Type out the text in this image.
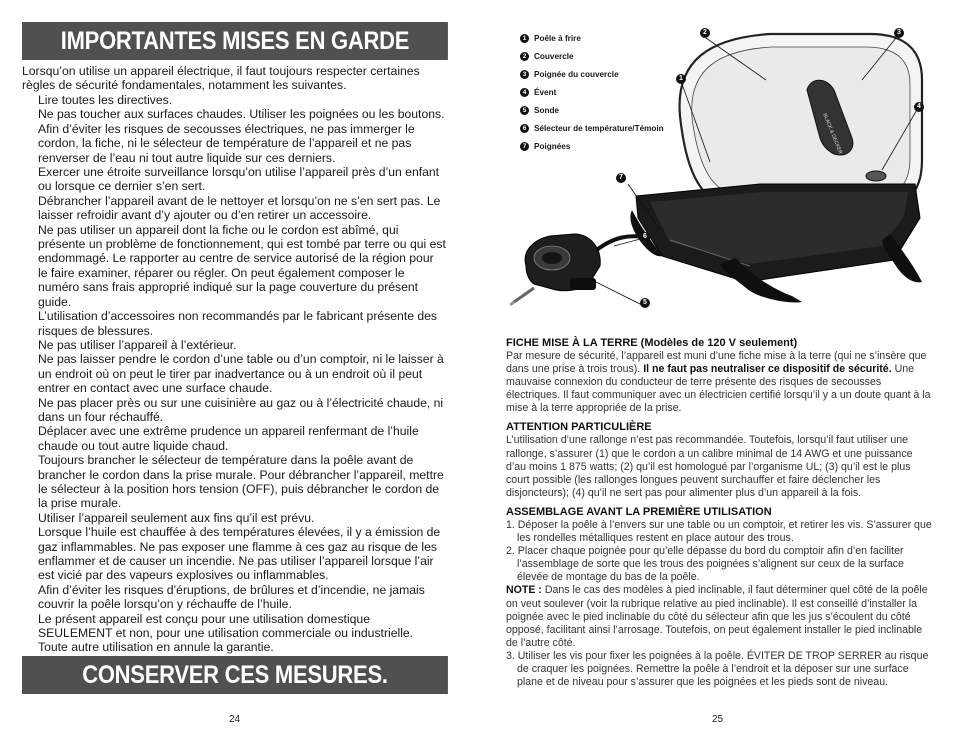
IMPORTANTES MISES EN GARDE

Lorsqu’on utilise un appareil électrique, il faut toujours respecter certaines règles de sécurité fondamentales, notamment les suivantes.

Lire toutes les directives.
Ne pas toucher aux surfaces chaudes. Utiliser les poignées ou les boutons.
Afin d’éviter les risques de secousses électriques, ne pas immerger le cordon, la fiche, ni le sélecteur de température de l’appareil et ne pas renverser de l’eau ni tout autre liquide sur ces derniers.
Exercer une étroite surveillance lorsqu’on utilise l’appareil près d’un enfant ou lorsque ce dernier s’en sert.
Débrancher l’appareil avant de le nettoyer et lorsqu’on ne s’en sert pas. Le laisser refroidir avant d’y ajouter ou d’en retirer un accessoire.
Ne pas utiliser un appareil dont la fiche ou le cordon est abîmé, qui présente un problème de fonctionnement, qui est tombé par terre ou qui est endommagé. Le rapporter au centre de service autorisé de la région pour le faire examiner, réparer ou régler. On peut également composer le numéro sans frais approprié indiqué sur la page couverture du présent guide.
L’utilisation d’accessoires non recommandés par le fabricant présente des risques de blessures.
Ne pas utiliser l’appareil à l’extérieur.
Ne pas laisser pendre le cordon d’une table ou d’un comptoir, ni le laisser à un endroit où on peut le tirer par inadvertance ou à un endroit où il peut entrer en contact avec une surface chaude.
Ne pas placer près ou sur une cuisinière au gaz ou à l’électricité chaude, ni dans un four réchauffé.
Déplacer avec une extrême prudence un appareil renfermant de l’huile chaude ou tout autre liquide chaud.
Toujours brancher le sélecteur de température dans la poêle avant de brancher le cordon dans la prise murale. Pour débrancher l’appareil, mettre le sélecteur à la position hors tension (OFF), puis débrancher le cordon de la prise murale.
Utiliser l’appareil seulement aux fins qu’il est prévu.
Lorsque l’huile est chauffée à des températures élevées, il y a émission de gaz inflammables. Ne pas exposer une flamme à ces gaz au risque de les enflammer et de causer un incendie. Ne pas utiliser l’appareil lorsque l’air est vicié par des vapeurs explosives ou inflammables.
Afin d’éviter les risques d’éruptions, de brûlures et d’incendie, ne jamais couvrir la poêle lorsqu’on y réchauffe de l’huile.
Le présent appareil est conçu pour une utilisation domestique SEULEMENT et non, pour une utilisation commerciale ou industrielle. Toute autre utilisation en annule la garantie.
CONSERVER CES MESURES.
24
1 Poêle à frire
2 Couvercle
3 Poignée du couvercle
4 Évent
5 Sonde
6 Sélecteur de température/Témoin
7 Poignées	BLACK & DECKER
1
2	3
4
5
6
7
FICHE MISE À LA TERRE (Modèles de 120 V seulement)

Par mesure de sécurité, l’appareil est muni d’une fiche mise à la terre (qui ne s’insère que dans une prise à trois trous). Il ne faut pas neutraliser ce dispositif de sécurité. Une mauvaise connexion du conducteur de terre présente des risques de secousses électriques. Il faut communiquer avec un électricien certifié lorsqu’il y a un doute quant à la mise à la terre appropriée de la prise.

ATTENTION PARTICULIÈRE

L’utilisation d’une rallonge n’est pas recommandée. Toutefois, lorsqu’il faut utiliser une rallonge, s’assurer (1) que le cordon a un calibre minimal de 14 AWG et une puissance d’au moins 1 875 watts; (2) qu’il est homologué par l’organisme UL; (3) qu’il est le plus court possible (les rallonges longues peuvent surchauffer et faire déclencher les disjoncteurs); (4) qu’il ne sert pas pour alimenter plus d’un appareil à la fois.

ASSEMBLAGE AVANT LA PREMIÈRE UTILISATION
1. Déposer la poêle à l’envers sur une table ou un comptoir, et retirer les vis. S’assurer que les rondelles métalliques restent en place autour des trous.
2. Placer chaque poignée pour qu’elle dépasse du bord du comptoir afin d’en faciliter l’assemblage de sorte que les trous des poignées s’alignent sur ceux de la surface élevée de montage du bas de la poêle.

NOTE : Dans le cas des modèles à pied inclinable, il faut déterminer quel côté de la poêle on veut soulever (voir la rubrique relative au pied inclinable). Il est conseillé d’installer la poignée avec le pied inclinable du côté du sélecteur afin que les jus s’écoulent du côté opposé, facilitant ainsi l’arrosage. Toutefois, on peut également installer le pied inclinable de l’autre côté.

3. Utiliser les vis pour fixer les poignées à la poêle. ÉVITER DE TROP SERRER au risque de craquer les poignées. Remettre la poêle à l’endroit et la déposer sur une surface plane et de niveau pour s’assurer que les poignées et les pieds sont de niveau.
25
